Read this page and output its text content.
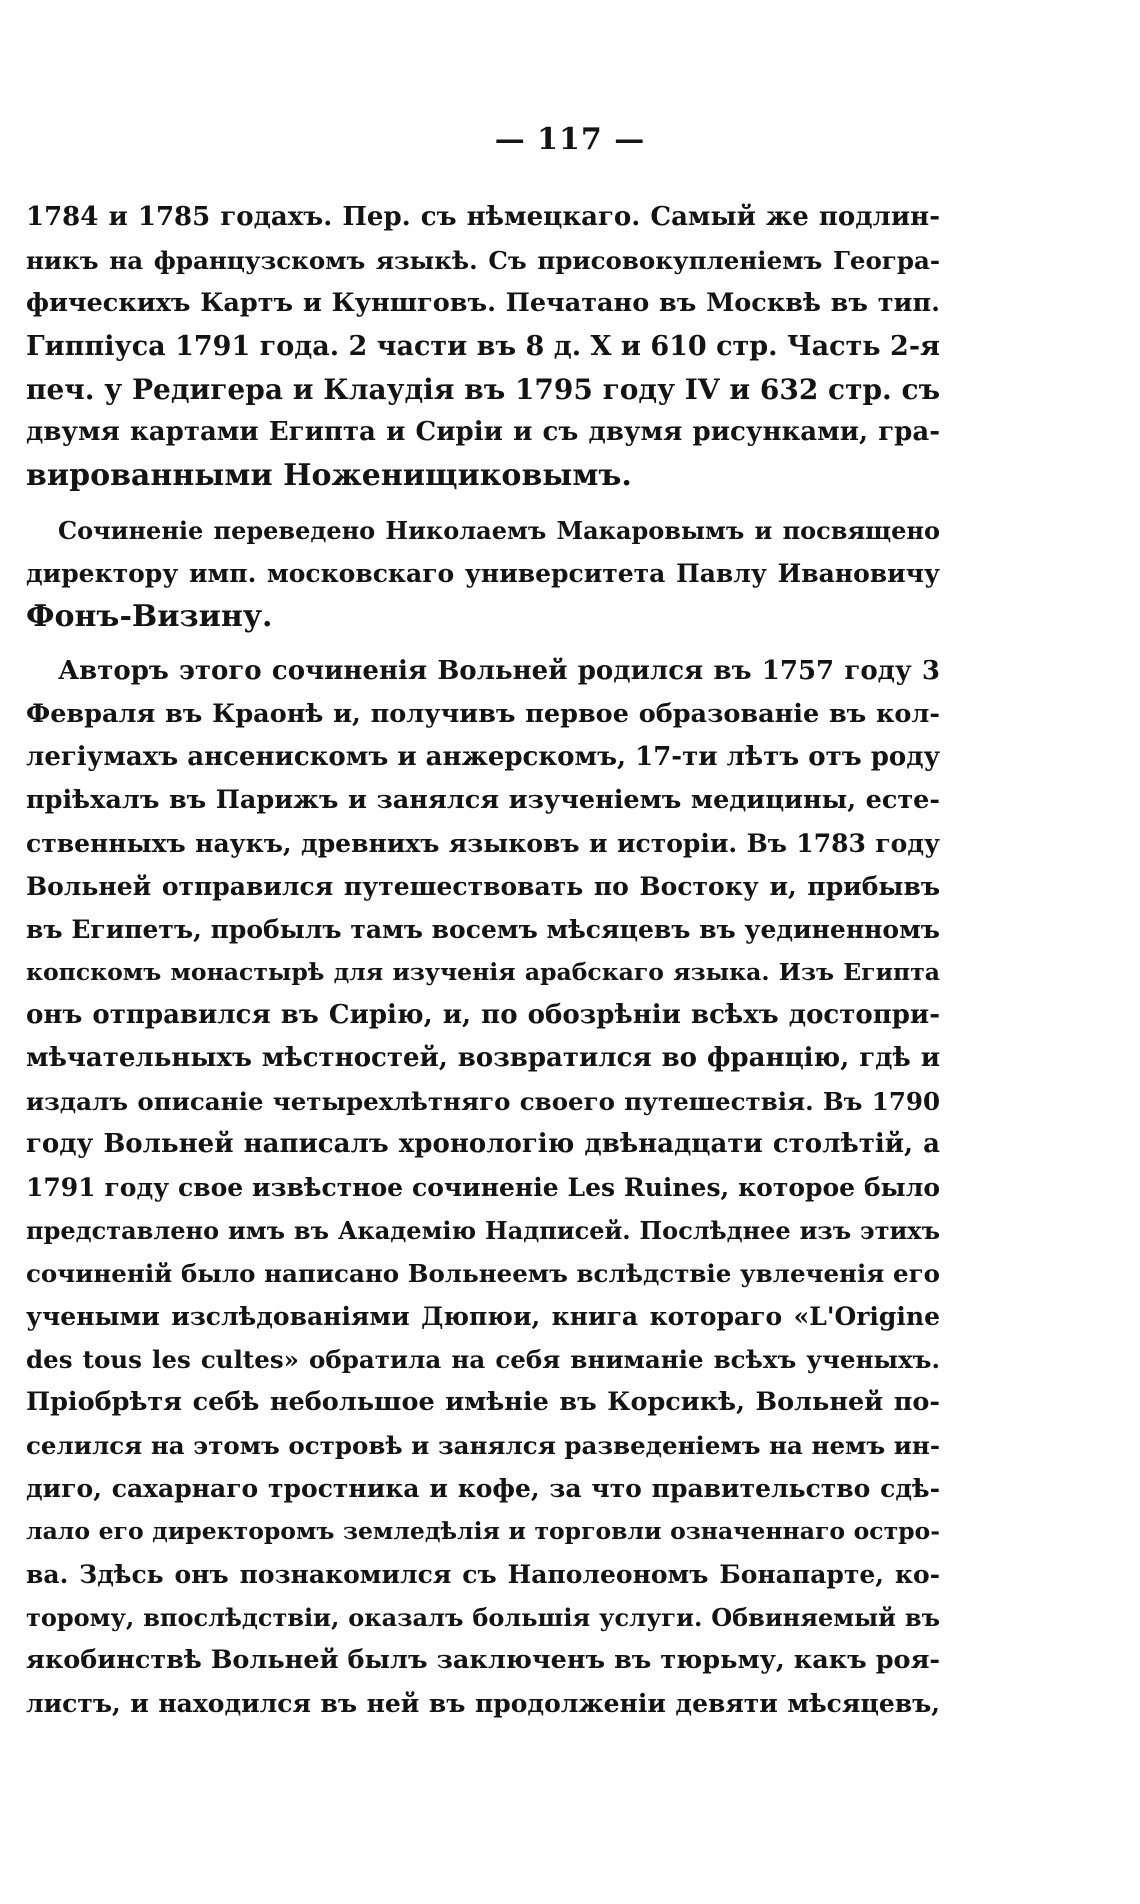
— 117 —
1784 и 1785 годахъ. Пер. съ нѣмецкаго. Самый же подлин-
никъ на французскомъ языкѣ. Съ присовокупленіемъ Геогра-
фическихъ Картъ и Куншговъ. Печатано въ Москвѣ въ тип.
Гиппіуса 1791 года. 2 части въ 8 д. X и 610 стр. Часть 2-я
печ. у Редигера и Клаудія въ 1795 году IV и 632 стр. съ
двумя картами Египта и Сиріи и съ двумя рисунками, гра-
вированными Ноженищиковымъ.
Сочиненіе переведено Николаемъ Макаровымъ и посвящено
директору имп. московскаго университета Павлу Ивановичу
Фонъ-Визину.
Авторъ этого сочиненія Вольней родился въ 1757 году 3
Февраля въ Краонѣ и, получивъ первое образованіе въ кол-
легіумахъ ансенискомъ и анжерскомъ, 17-ти лѣтъ отъ роду
пріѣхалъ въ Парижъ и занялся изученіемъ медицины, есте-
ственныхъ наукъ, древнихъ языковъ и исторіи. Въ 1783 году
Вольней отправился путешествовать по Востоку и, прибывъ
въ Египетъ, пробылъ тамъ восемъ мѣсяцевъ въ уединенномъ
копскомъ монастырѣ для изученія арабскаго языка. Изъ Египта
онъ отправился въ Сирію, и, по обозрѣніи всѣхъ достопри-
мѣчательныхъ мѣстностей, возвратился во францію, гдѣ и
издалъ описаніе четырехлѣтняго своего путешествія. Въ 1790
году Вольней написалъ хронологію двѣнадцати столѣтій, а
1791 году свое извѣстное сочиненіе Les Ruines, которое было
представлено имъ въ Академію Надписей. Послѣднее изъ этихъ
сочиненій было написано Вольнеемъ вслѣдствіе увлеченія его
учеными изслѣдованіями Дюпюи, книга котораго «L'Origine
des tous les cultes» обратила на себя вниманіе всѣхъ ученыхъ.
Пріобрѣтя себѣ небольшое имѣніе въ Корсикѣ, Вольней по-
селился на этомъ островѣ и занялся разведеніемъ на немъ ин-
диго, сахарнаго тростника и кофе, за что правительство сдѣ-
лало его директоромъ земледѣлія и торговли означеннаго остро-
ва. Здѣсь онъ познакомился съ Наполеономъ Бонапарте, ко-
торому, впослѣдствіи, оказалъ большія услуги. Обвиняемый въ
якобинствѣ Вольней былъ заключенъ въ тюрьму, какъ роя-
листъ, и находился въ ней въ продолженіи девяти мѣсяцевъ,
